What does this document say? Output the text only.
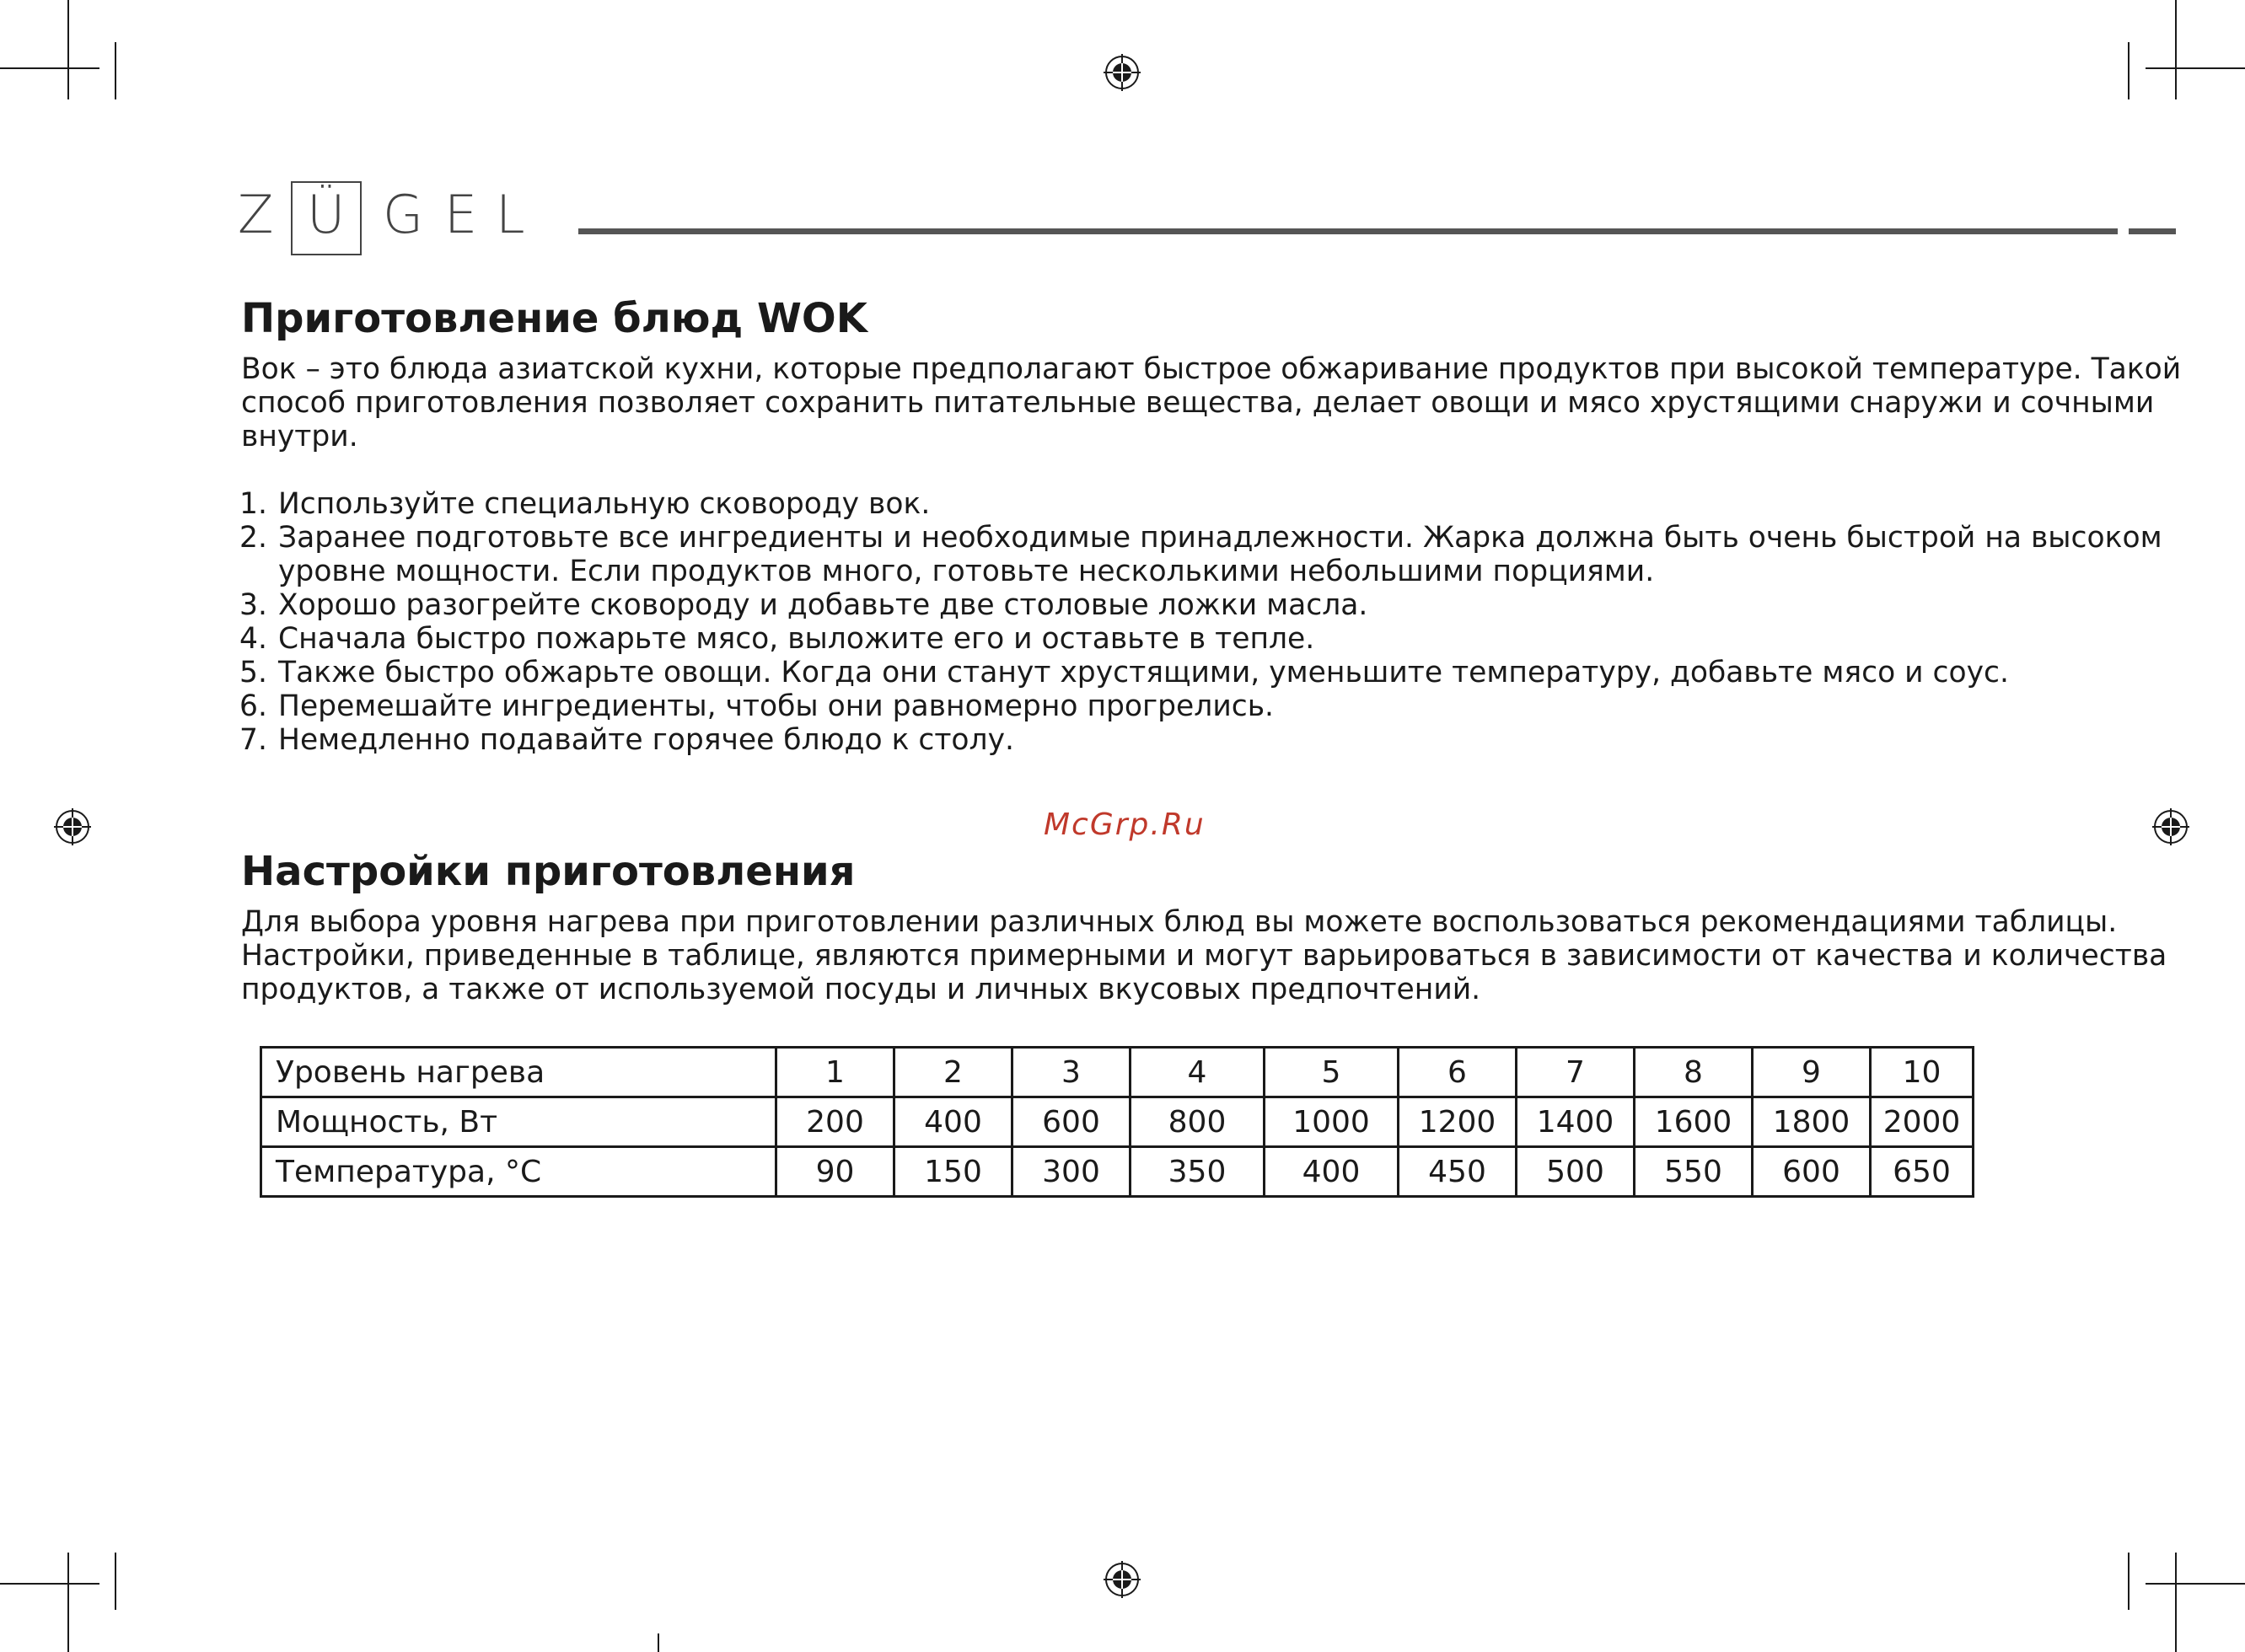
Z Ü G E L
Приготовление блюд WOK
Вок – это блюда азиатской кухни, которые предполагают быстрое обжаривание продуктов при высокой температуре. Такой
способ приготовления позволяет сохранить питательные вещества, делает овощи и мясо хрустящими снаружи и сочными
внутри.
1. Используйте специальную сковороду вок.
2. Заранее подготовьте все ингредиенты и необходимые принадлежности. Жарка должна быть очень быстрой на высоком
уровне мощности. Если продуктов много, готовьте несколькими небольшими порциями.
3. Хорошо разогрейте сковороду и добавьте две столовые ложки масла.
4. Сначала быстро пожарьте мясо, выложите его и оставьте в тепле.
5. Также быстро обжарьте овощи. Когда они станут хрустящими, уменьшите температуру, добавьте мясо и соус.
6. Перемешайте ингредиенты, чтобы они равномерно прогрелись.
7. Немедленно подавайте горячее блюдо к столу.
McGrp.Ru
Настройки приготовления
Для выбора уровня нагрева при приготовлении различных блюд вы можете воспользоваться рекомендациями таблицы.
Настройки, приведенные в таблице, являются примерными и могут варьироваться в зависимости от качества и количества
продуктов, а также от используемой посуды и личных вкусовых предпочтений.
Уровень нагрева	1	2	3	4	5	6	7	8	9	10
Мощность, Вт	200	400	600	800	1000	1200	1400	1600	1800	2000
Температура, °C	90	150	300	350	400	450	500	550	600	650
